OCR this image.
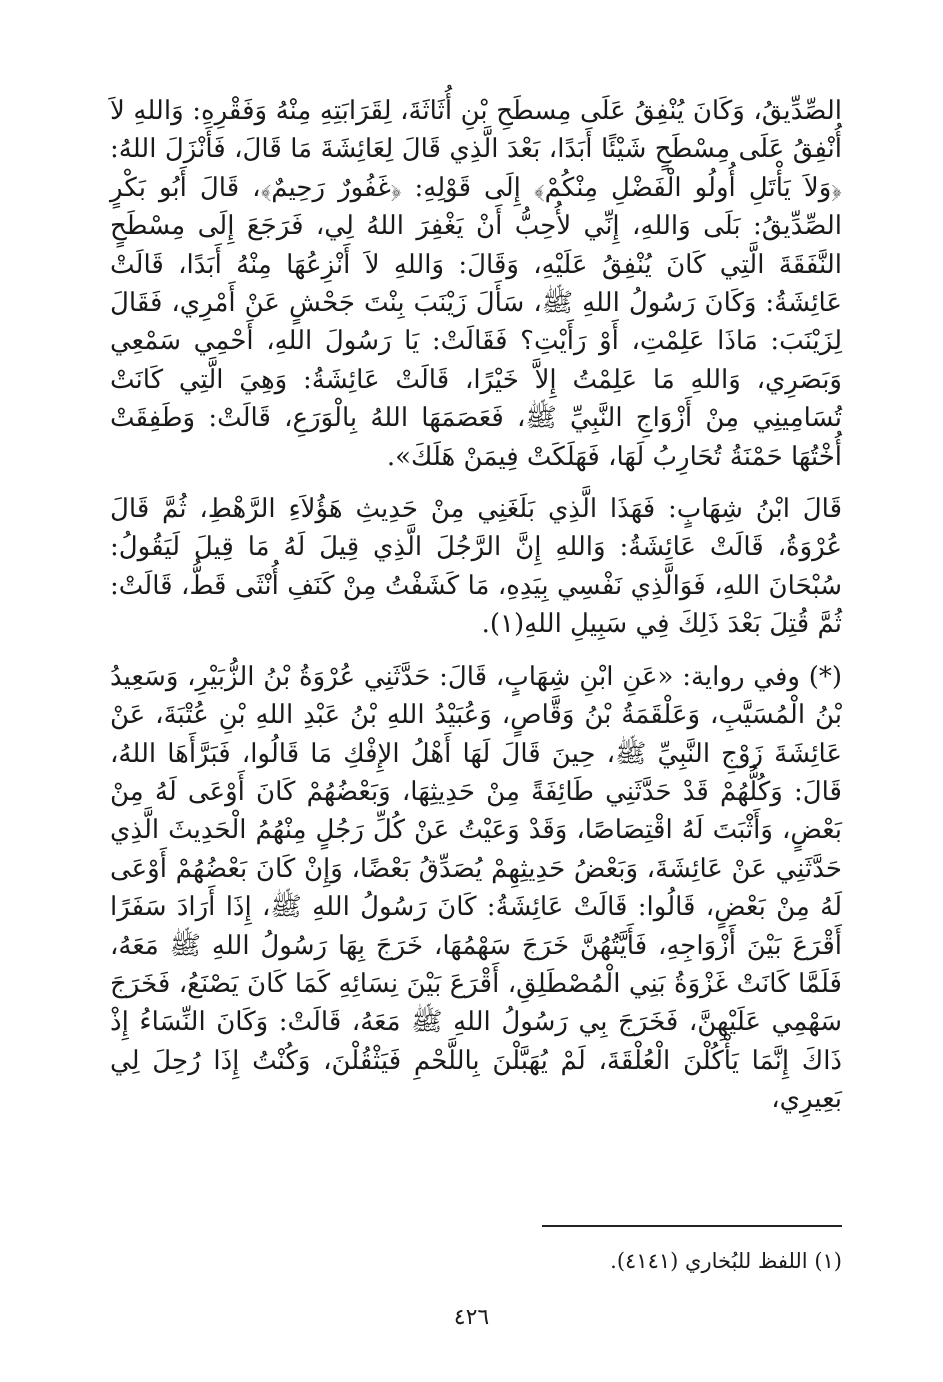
الصِّدِّيقُ، وَكَانَ يُنْفِقُ عَلَى مِسطَحِ بْنِ أُثَاثَةَ، لِقَرَابَتِهِ مِنْهُ وَفَقْرِهِ: وَاللهِ لاَ أُنْفِقُ عَلَى مِسْطَحٍ شَيْئًا أَبَدًا، بَعْدَ الَّذِي قَالَ لِعَائِشَةَ مَا قَالَ، فَأَنْزَلَ اللهُ: ﴿وَلاَ يَأْتَلِ أُولُو الْفَضْلِ مِنْكُمْ﴾ إِلَى قَوْلِهِ: ﴿غَفُورٌ رَحِيمٌ﴾، قَالَ أَبُو بَكْرٍ الصِّدِّيقُ: بَلَى وَاللهِ، إِنِّي لأُحِبُّ أَنْ يَغْفِرَ اللهُ لِي، فَرَجَعَ إِلَى مِسْطَحٍ النَّفَقَةَ الَّتِي كَانَ يُنْفِقُ عَلَيْهِ، وَقَالَ: وَاللهِ لاَ أَنْزِعُهَا مِنْهُ أَبَدًا، قَالَتْ عَائِشَةُ: وَكَانَ رَسُولُ اللهِ ﷺ، سَأَلَ زَيْنَبَ بِنْتَ جَحْشٍ عَنْ أَمْرِي، فَقَالَ لِزَيْنَبَ: مَاذَا عَلِمْتِ، أَوْ رَأَيْتِ؟ فَقَالَتْ: يَا رَسُولَ اللهِ، أَحْمِي سَمْعِي وَبَصَرِي، وَاللهِ مَا عَلِمْتُ إِلاَّ خَيْرًا، قَالَتْ عَائِشَةُ: وَهِيَ الَّتِي كَانَتْ تُسَامِينِي مِنْ أَزْوَاجِ النَّبِيِّ ﷺ، فَعَصَمَهَا اللهُ بِالْوَرَعِ، قَالَتْ: وَطَفِقَتْ أُخْتُهَا حَمْنَةُ تُحَارِبُ لَهَا، فَهَلَكَتْ فِيمَنْ هَلَكَ».

قَالَ ابْنُ شِهَابٍ: فَهَذَا الَّذِي بَلَغَنِي مِنْ حَدِيثِ هَؤُلاَءِ الرَّهْطِ، ثُمَّ قَالَ عُرْوَةُ، قَالَتْ عَائِشَةُ: وَاللهِ إِنَّ الرَّجُلَ الَّذِي قِيلَ لَهُ مَا قِيلَ لَيَقُولُ: سُبْحَانَ اللهِ، فَوَالَّذِي نَفْسِي بِيَدِهِ، مَا كَشَفْتُ مِنْ كَنَفِ أُنْثَى قَطُّ، قَالَتْ: ثُمَّ قُتِلَ بَعْدَ ذَلِكَ فِي سَبِيلِ اللهِ(١).

(*) وفي رواية: «عَنِ ابْنِ شِهَابٍ، قَالَ: حَدَّثَنِي عُرْوَةُ بْنُ الزُّبَيْرِ، وَسَعِيدُ بْنُ الْمُسَيَّبِ، وَعَلْقَمَةُ بْنُ وَقَّاصٍ، وَعُبَيْدُ اللهِ بْنُ عَبْدِ اللهِ بْنِ عُتْبَةَ، عَنْ عَائِشَةَ زَوْجِ النَّبِيِّ ﷺ، حِينَ قَالَ لَهَا أَهْلُ الإِفْكِ مَا قَالُوا، فَبَرَّأَهَا اللهُ، قَالَ: وَكُلُّهُمْ قَدْ حَدَّثَنِي طَائِفَةً مِنْ حَدِيثِهَا، وَبَعْضُهُمْ كَانَ أَوْعَى لَهُ مِنْ بَعْضٍ، وَأَثْبَتَ لَهُ اقْتِصَاصًا، وَقَدْ وَعَيْتُ عَنْ كُلِّ رَجُلٍ مِنْهُمُ الْحَدِيثَ الَّذِي حَدَّثَنِي عَنْ عَائِشَةَ، وَبَعْضُ حَدِيثِهِمْ يُصَدِّقُ بَعْضًا، وَإِنْ كَانَ بَعْضُهُمْ أَوْعَى لَهُ مِنْ بَعْضٍ، قَالُوا: قَالَتْ عَائِشَةُ: كَانَ رَسُولُ اللهِ ﷺ، إِذَا أَرَادَ سَفَرًا أَقْرَعَ بَيْنَ أَزْوَاجِهِ، فَأَيَّتُهُنَّ خَرَجَ سَهْمُهَا، خَرَجَ بِهَا رَسُولُ اللهِ ﷺ مَعَهُ، فَلَمَّا كَانَتْ غَزْوَةُ بَنِي الْمُصْطَلِقِ، أَقْرَعَ بَيْنَ نِسَائِهِ كَمَا كَانَ يَصْنَعُ، فَخَرَجَ سَهْمِي عَلَيْهِنَّ، فَخَرَجَ بِي رَسُولُ اللهِ ﷺ مَعَهُ، قَالَتْ: وَكَانَ النِّسَاءُ إِذْ ذَاكَ إِنَّمَا يَأْكُلْنَ الْعُلْقَةَ، لَمْ يُهَبَّلْنَ بِاللَّحْمِ فَيَثْقُلْنَ، وَكُنْتُ إِذَا رُحِلَ لِي بَعِيرِي،

(١) اللفظ للبُخاري (٤١٤١).
٤٢٦
